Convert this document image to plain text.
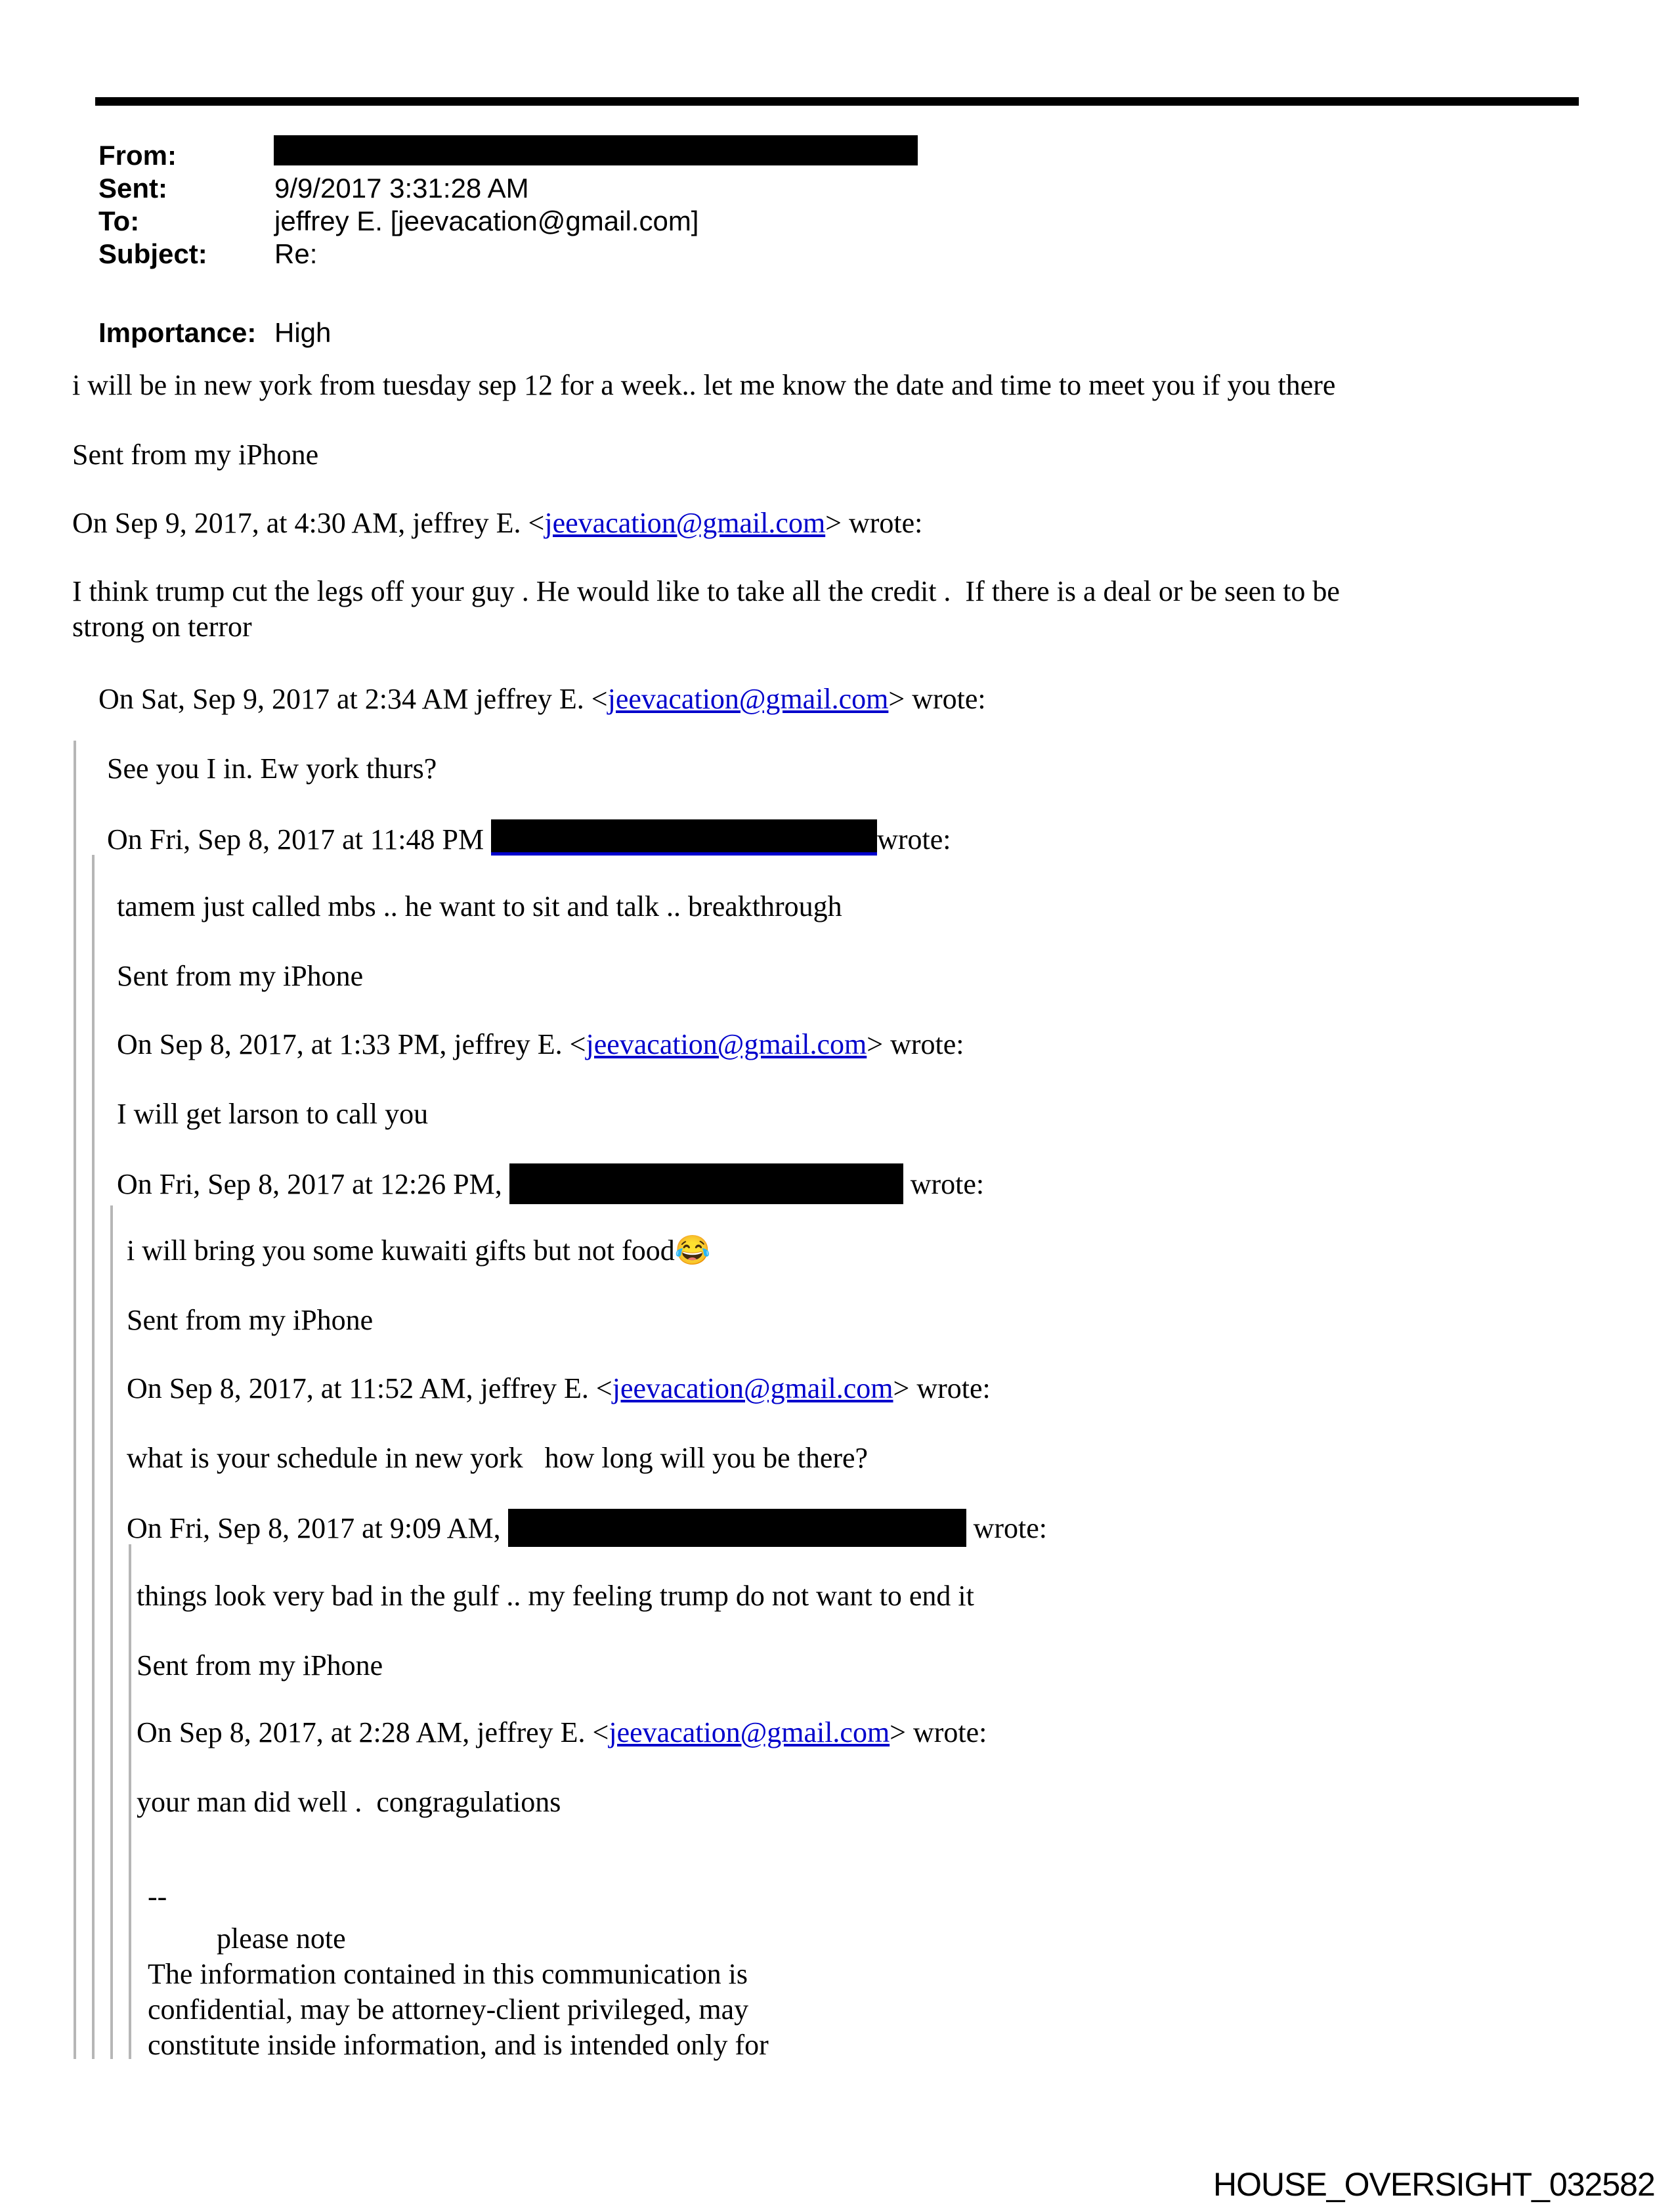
From:
Sent:	9/9/2017 3:31:28 AM
To:	jeffrey E. [jeevacation@gmail.com]
Subject: Re:
Importance: High
i will be in new york from tuesday sep 12 for a week.. let me know the date and time to meet you if you there
Sent from my iPhone
On Sep 9, 2017, at 4:30 AM, jeffrey E. <jeevacation@gmail.com> wrote:
I think trump cut the legs off your guy . He would like to take all the credit .  If there is a deal or be seen to be
strong on terror
On Sat, Sep 9, 2017 at 2:34 AM jeffrey E. <jeevacation@gmail.com> wrote:
See you I in. Ew york thurs?
On Fri, Sep 8, 2017 at 11:48 PM	wrote:
tamem just called mbs .. he want to sit and talk .. breakthrough
Sent from my iPhone
On Sep 8, 2017, at 1:33 PM, jeffrey E. <jeevacation@gmail.com> wrote:
I will get larson to call you
On Fri, Sep 8, 2017 at 12:26 PM,	wrote:
i will bring you some kuwaiti gifts but not food😂
Sent from my iPhone
On Sep 8, 2017, at 11:52 AM, jeffrey E. <jeevacation@gmail.com> wrote:
what is your schedule in new york   how long will you be there?
On Fri, Sep 8, 2017 at 9:09 AM,	wrote:
things look very bad in the gulf .. my feeling trump do not want to end it
Sent from my iPhone
On Sep 8, 2017, at 2:28 AM, jeffrey E. <jeevacation@gmail.com> wrote:
your man did well .  congragulations
--
please note
The information contained in this communication is
confidential, may be attorney-client privileged, may
constitute inside information, and is intended only for
HOUSE_OVERSIGHT_032582
